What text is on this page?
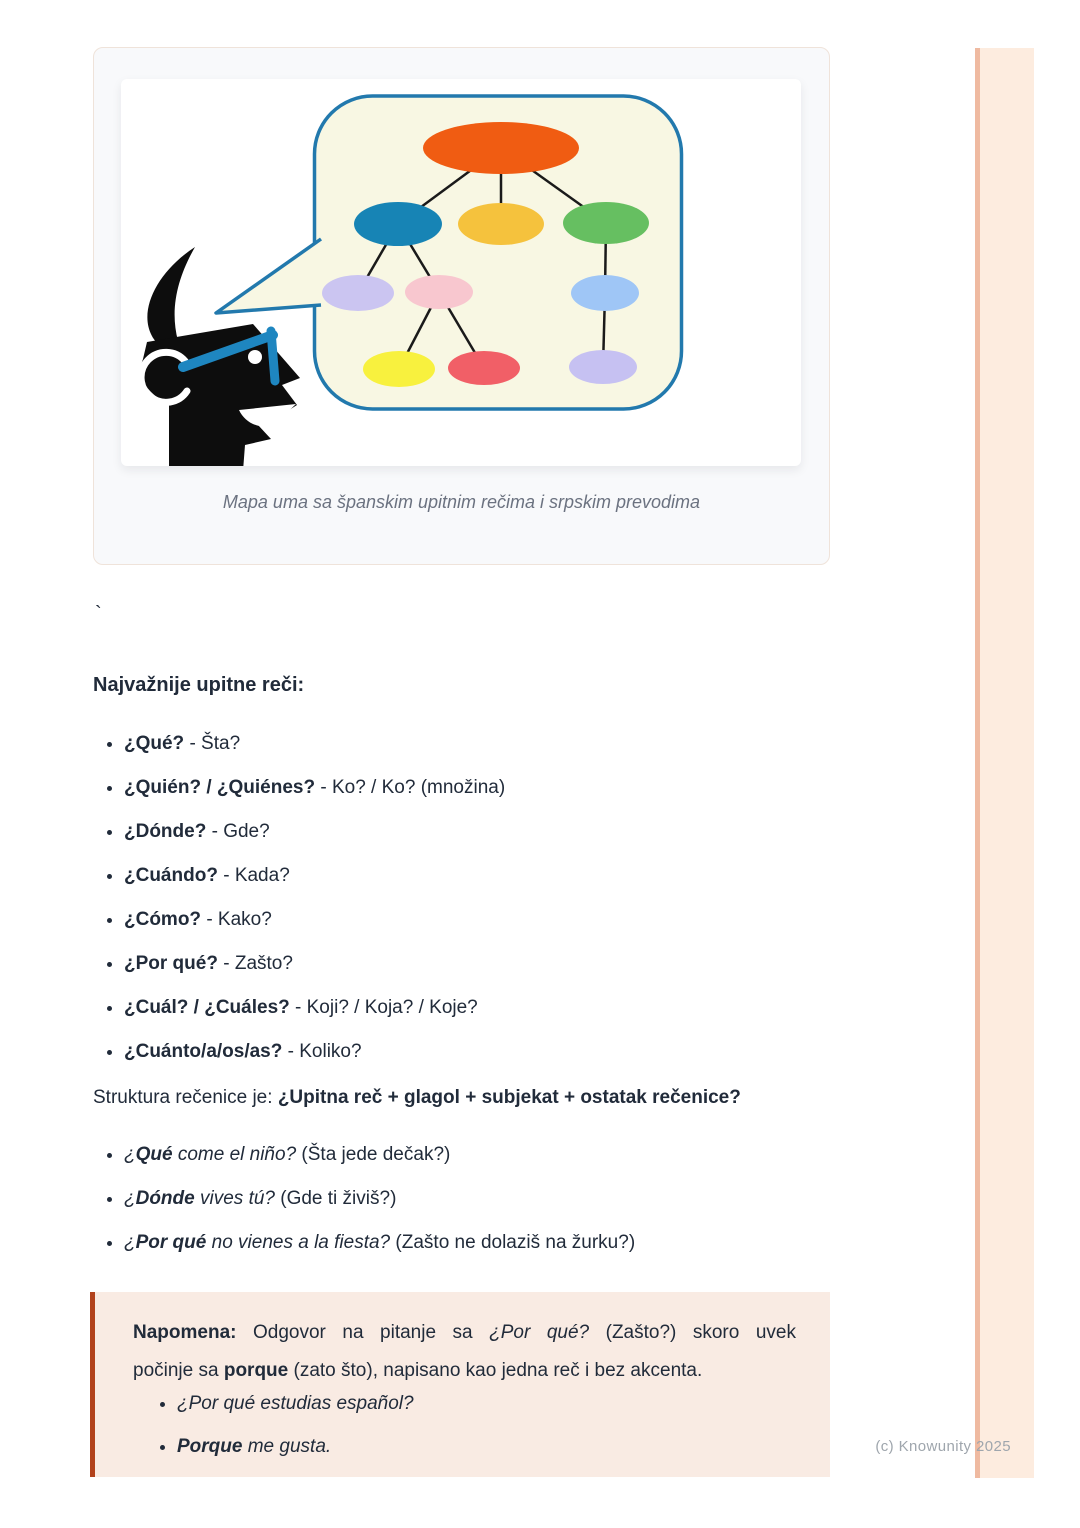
(c) Knowunity 2025
Mapa uma sa španskim upitnim rečima i srpskim prevodima
`
Najvažnije upitne reči:
• ¿Qué? - Šta?
• ¿Quién? / ¿Quiénes? - Ko? / Ko? (množina)
• ¿Dónde? - Gde?
• ¿Cuándo? - Kada?
• ¿Cómo? - Kako?
• ¿Por qué? - Zašto?
• ¿Cuál? / ¿Cuáles? - Koji? / Koja? / Koje?
• ¿Cuánto/a/os/as? - Koliko?

Struktura rečenice je: ¿Upitna reč + glagol + subjekat + ostatak rečenice?

• ¿Qué come el niño? (Šta jede dečak?)
• ¿Dónde vives tú? (Gde ti živiš?)
• ¿Por qué no vienes a la fiesta? (Zašto ne dolaziš na žurku?)

Napomena: Odgovor na pitanje sa ¿Por qué? (Zašto?) skoro uvek
počinje sa porque (zato što), napisano kao jedna reč i bez akcenta.

• ¿Por qué estudias español?
• Porque me gusta.
